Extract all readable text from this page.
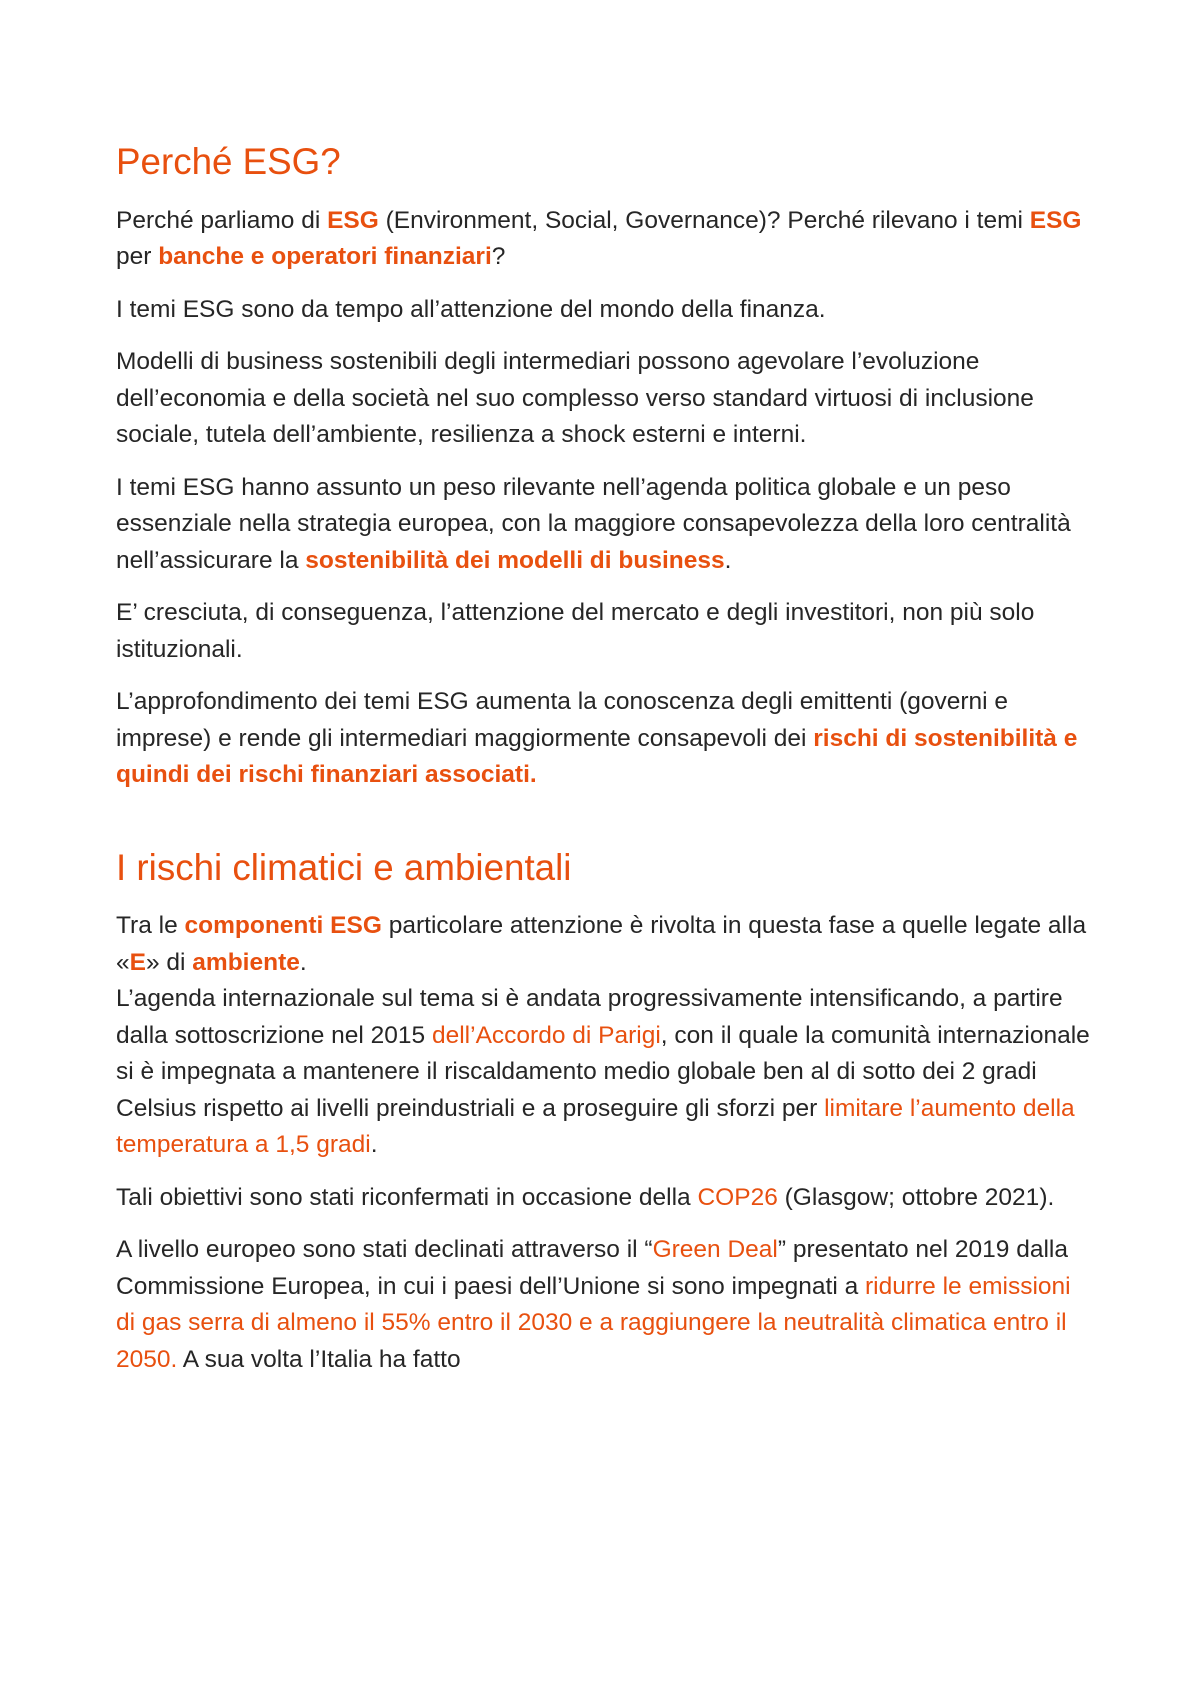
Perché ESG?

Perché parliamo di ESG (Environment, Social, Governance)? Perché rilevano i temi ESG per banche e operatori finanziari?

I temi ESG sono da tempo all’attenzione del mondo della finanza.

Modelli di business sostenibili degli intermediari possono agevolare l’evoluzione dell’economia e della società nel suo complesso verso standard virtuosi di inclusione sociale, tutela dell’ambiente, resilienza a shock esterni e interni.

I temi ESG hanno assunto un peso rilevante nell’agenda politica globale e un peso essenziale nella strategia europea, con la maggiore consapevolezza della loro centralità nell’assicurare la sostenibilità dei modelli di business.

E’ cresciuta, di conseguenza, l’attenzione del mercato e degli investitori, non più solo istituzionali.

L’approfondimento dei temi ESG aumenta la conoscenza degli emittenti (governi e imprese) e rende gli intermediari maggiormente consapevoli dei rischi di sostenibilità e quindi dei rischi finanziari associati.

I rischi climatici e ambientali

Tra le componenti ESG particolare attenzione è rivolta in questa fase a quelle legate alla «E» di ambiente.

L’agenda internazionale sul tema si è andata progressivamente intensificando, a partire dalla sottoscrizione nel 2015 dell’Accordo di Parigi, con il quale la comunità internazionale si è impegnata a mantenere il riscaldamento medio globale ben al di sotto dei 2 gradi Celsius rispetto ai livelli preindustriali e a proseguire gli sforzi per limitare l’aumento della temperatura a 1,5 gradi.

Tali obiettivi sono stati riconfermati in occasione della COP26 (Glasgow; ottobre 2021).

A livello europeo sono stati declinati attraverso il “Green Deal” presentato nel 2019 dalla Commissione Europea, in cui i paesi dell’Unione si sono impegnati a ridurre le emissioni di gas serra di almeno il 55% entro il 2030 e a raggiungere la neutralità climatica entro il 2050. A sua volta l’Italia ha fatto
